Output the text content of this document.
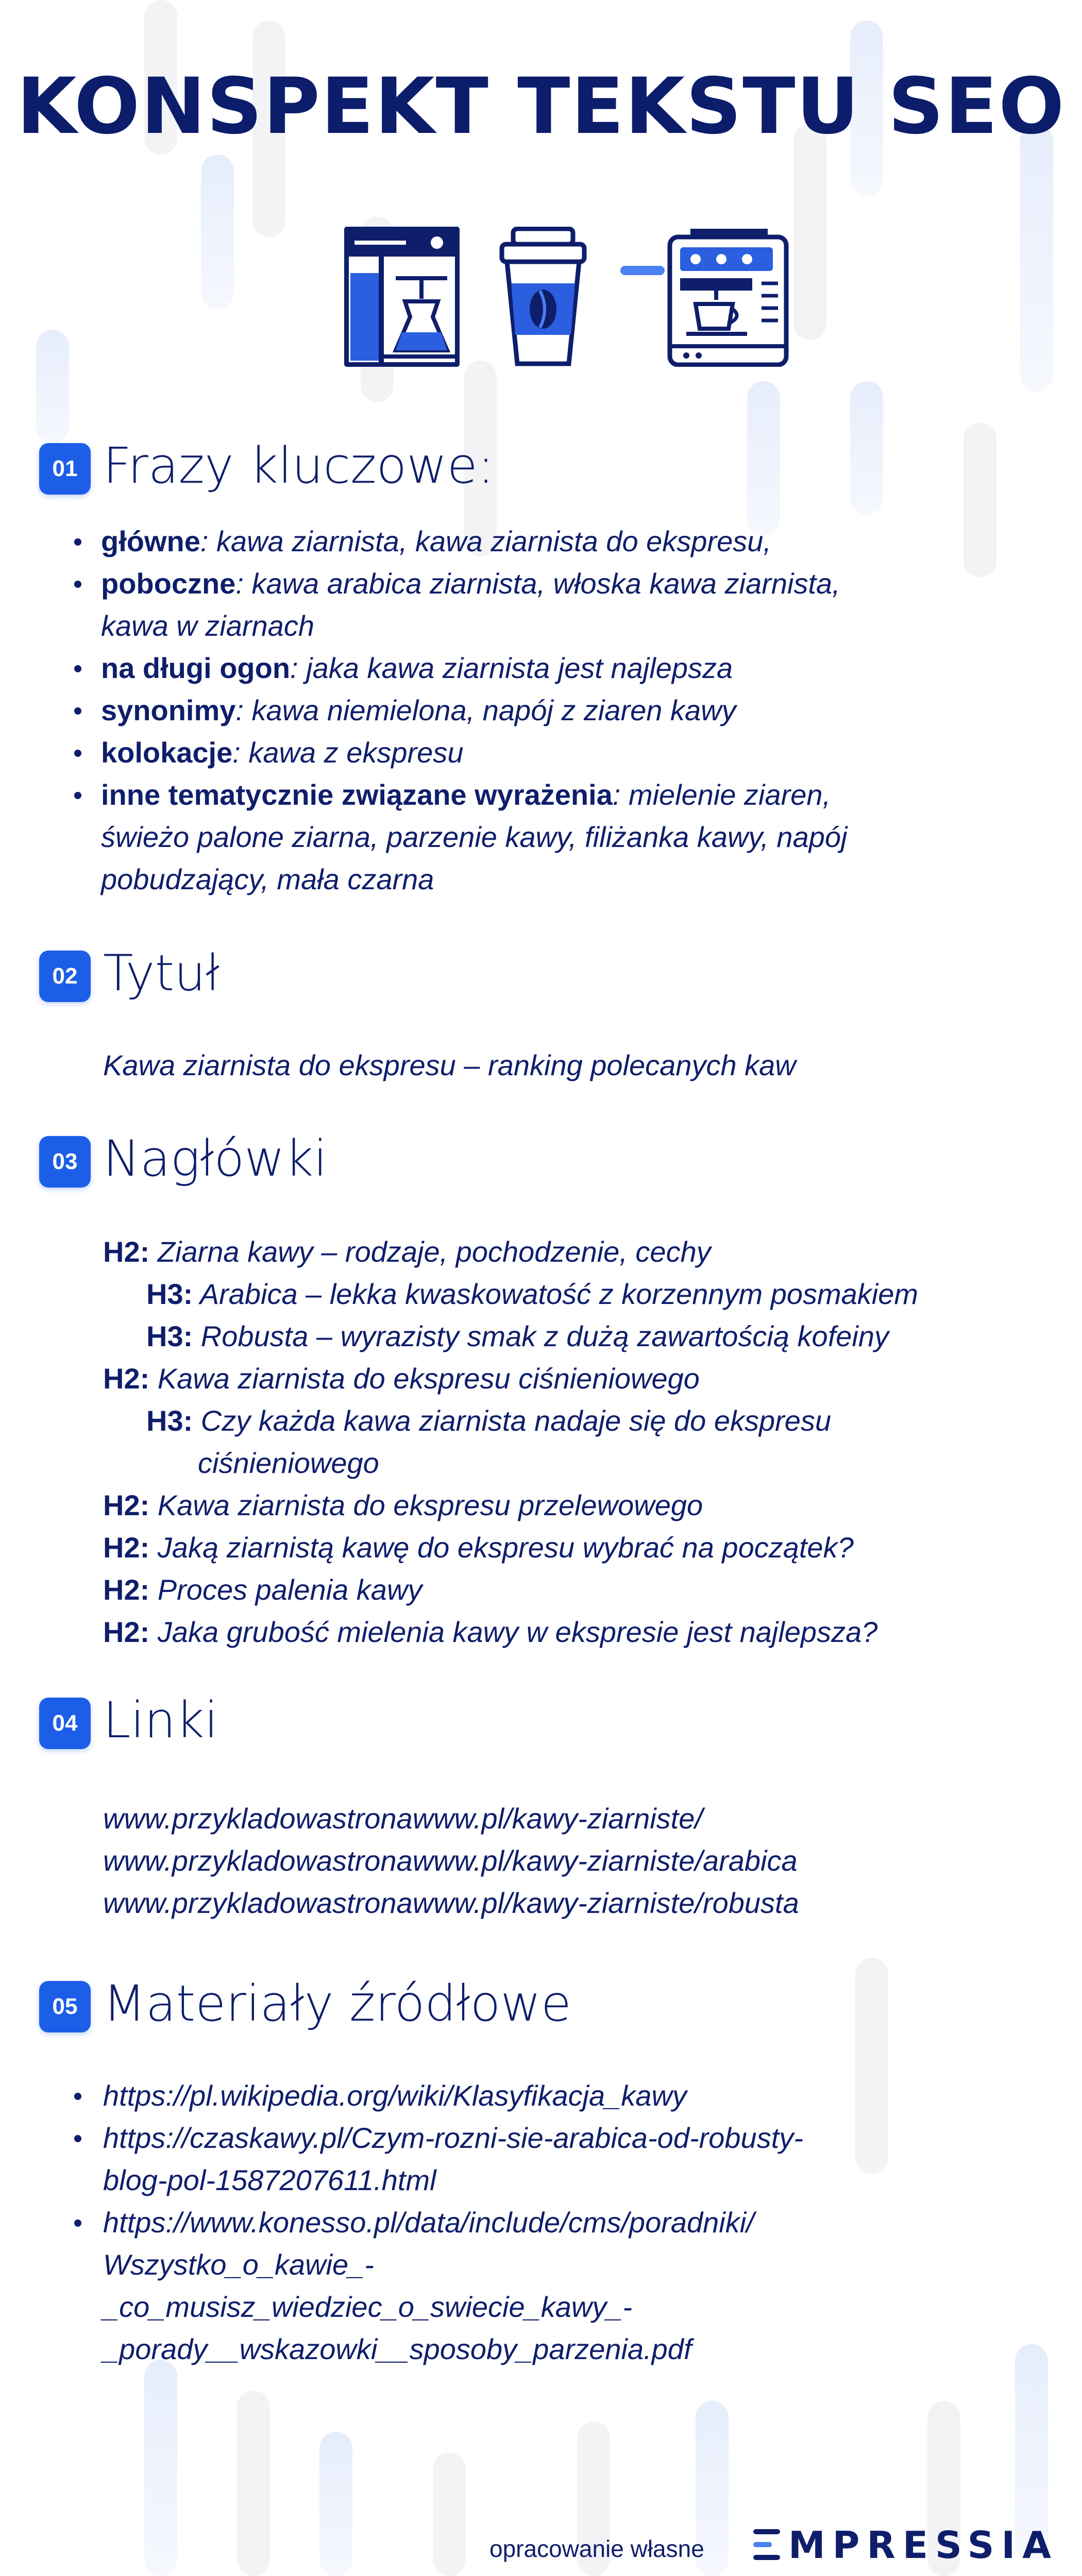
KONSPEKT TEKSTU SEO
01 Frazy kluczowe:
główne: kawa ziarnista, kawa ziarnista do ekspresu,
poboczne: kawa arabica ziarnista, włoska kawa ziarnista,
kawa w ziarnach
na długi ogon: jaka kawa ziarnista jest najlepsza
synonimy: kawa niemielona, napój z ziaren kawy
kolokacje: kawa z ekspresu
inne tematycznie związane wyrażenia: mielenie ziaren,
świeżo palone ziarna, parzenie kawy, filiżanka kawy, napój
pobudzający, mała czarna
02 Tytuł
Kawa ziarnista do ekspresu – ranking polecanych kaw
03 Nagłówki
H2: Ziarna kawy – rodzaje, pochodzenie, cechy
H3: Arabica – lekka kwaskowatość z korzennym posmakiem
H3: Robusta – wyrazisty smak z dużą zawartością kofeiny
H2: Kawa ziarnista do ekspresu ciśnieniowego
H3: Czy każda kawa ziarnista nadaje się do ekspresu
ciśnieniowego
H2: Kawa ziarnista do ekspresu przelewowego
H2: Jaką ziarnistą kawę do ekspresu wybrać na początek?
H2: Proces palenia kawy
H2: Jaka grubość mielenia kawy w ekspresie jest najlepsza?
04 Linki
www.przykladowastronawww.pl/kawy-ziarniste/
www.przykladowastronawww.pl/kawy-ziarniste/arabica
www.przykladowastronawww.pl/kawy-ziarniste/robusta
05 Materiały źródłowe
https://pl.wikipedia.org/wiki/Klasyfikacja_kawy
https://czaskawy.pl/Czym-rozni-sie-arabica-od-robusty-
blog-pol-1587207611.html
https://www.konesso.pl/data/include/cms/poradniki/
Wszystko_o_kawie_-
_co_musisz_wiedziec_o_swiecie_kawy_-
_porady__wskazowki__sposoby_parzenia.pdf
opracowanie własne	MPRESSIA
